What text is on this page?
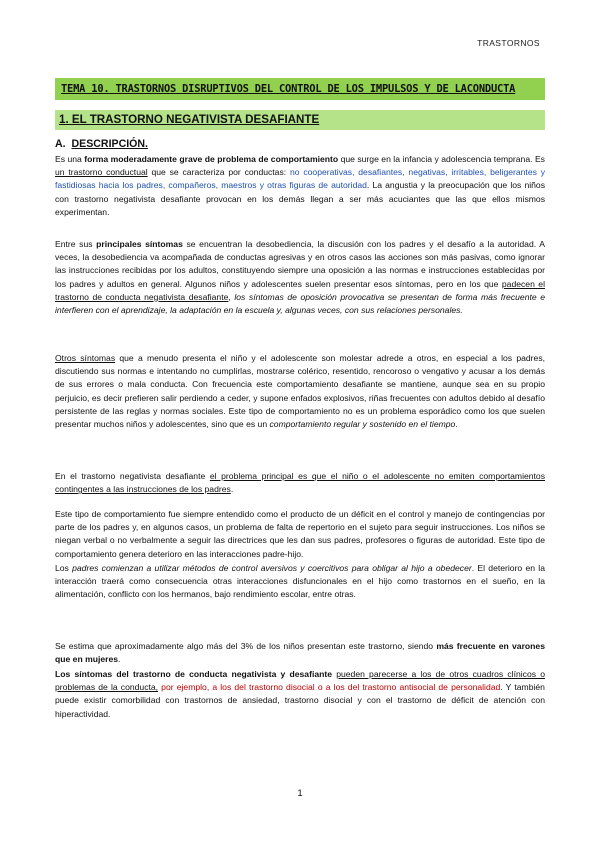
TRASTORNOS
TEMA 10. TRASTORNOS DISRUPTIVOS DEL CONTROL DE LOS IMPULSOS Y DE LACONDUCTA
1. EL TRASTORNO NEGATIVISTA DESAFIANTE
A. DESCRIPCIÓN.
Es una forma moderadamente grave de problema de comportamiento que surge en la infancia y adolescencia temprana. Es un trastorno conductual que se caracteriza por conductas: no cooperativas, desafiantes, negativas, irritables, beligerantes y fastidiosas hacia los padres, compañeros, maestros y otras figuras de autoridad. La angustia y la preocupación que los niños con trastorno negativista desafiante provocan en los demás llegan a ser más acuciantes que las que ellos mismos experimentan.
Entre sus principales síntomas se encuentran la desobediencia, la discusión con los padres y el desafío a la autoridad. A veces, la desobediencia va acompañada de conductas agresivas y en otros casos las acciones son más pasivas, como ignorar las instrucciones recibidas por los adultos, constituyendo siempre una oposición a las normas e instrucciones establecidas por los padres y adultos en general. Algunos niños y adolescentes suelen presentar esos síntomas, pero en los que padecen el trastorno de conducta negativista desafiante, los síntomas de oposición provocativa se presentan de forma más frecuente e interfieren con el aprendizaje, la adaptación en la escuela y, algunas veces, con sus relaciones personales.
Otros síntomas que a menudo presenta el niño y el adolescente son molestar adrede a otros, en especial a los padres, discutiendo sus normas e intentando no cumplirlas, mostrarse colérico, resentido, rencoroso o vengativo y acusar a los demás de sus errores o mala conducta. Con frecuencia este comportamiento desafiante se mantiene, aunque sea en su propio perjuicio, es decir prefieren salir perdiendo a ceder, y supone enfados explosivos, riñas frecuentes con adultos debido al desafío persistente de las reglas y normas sociales. Este tipo de comportamiento no es un problema esporádico como los que suelen presentar muchos niños y adolescentes, sino que es un comportamiento regular y sostenido en el tiempo.
En el trastorno negativista desafiante el problema principal es que el niño o el adolescente no emiten comportamientos contingentes a las instrucciones de los padres.
Este tipo de comportamiento fue siempre entendido como el producto de un déficit en el control y manejo de contingencias por parte de los padres y, en algunos casos, un problema de falta de repertorio en el sujeto para seguir instrucciones. Los niños se niegan verbal o no verbalmente a seguir las directrices que les dan sus padres, profesores o figuras de autoridad. Este tipo de comportamiento genera deterioro en las interacciones padre-hijo.
Los padres comienzan a utilizar métodos de control aversivos y coercitivos para obligar al hijo a obedecer. El deterioro en la interacción traerá como consecuencia otras interacciones disfuncionales en el hijo como trastornos en el sueño, en la alimentación, conflicto con los hermanos, bajo rendimiento escolar, entre otras.
Se estima que aproximadamente algo más del 3% de los niños presentan este trastorno, siendo más frecuente en varones que en mujeres.
Los síntomas del trastorno de conducta negativista y desafiante pueden parecerse a los de otros cuadros clínicos o problemas de la conducta, por ejemplo, a los del trastorno disocial o a los del trastorno antisocial de personalidad. Y también puede existir comorbilidad con trastornos de ansiedad, trastorno disocial y con el trastorno de déficit de atención con hiperactividad.
1
